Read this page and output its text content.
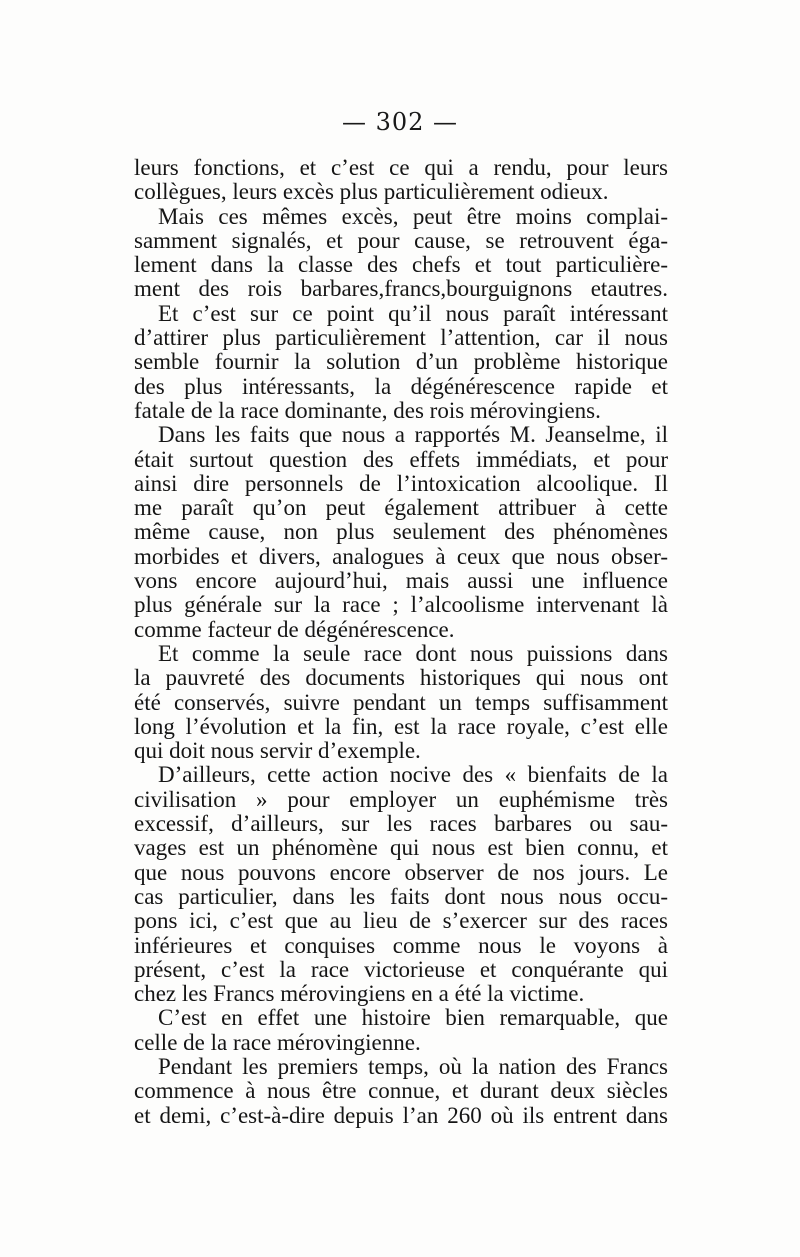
— 302 —
leurs fonctions, et c’est ce qui a rendu, pour leurs
collègues, leurs excès plus particulièrement odieux.
Mais ces mêmes excès, peut être moins complai-
samment signalés, et pour cause, se retrouvent éga-
lement dans la classe des chefs et tout particulière-
ment des rois barbares,francs,bourguignons etautres.
Et c’est sur ce point qu’il nous paraît intéressant
d’attirer plus particulièrement l’attention, car il nous
semble fournir la solution d’un problème historique
des plus intéressants, la dégénérescence rapide et
fatale de la race dominante, des rois mérovingiens.
Dans les faits que nous a rapportés M. Jeanselme, il
était surtout question des effets immédiats, et pour
ainsi dire personnels de l’intoxication alcoolique. Il
me paraît qu’on peut également attribuer à cette
même cause, non plus seulement des phénomènes
morbides et divers, analogues à ceux que nous obser-
vons encore aujourd’hui, mais aussi une influence
plus générale sur la race ; l’alcoolisme intervenant là
comme facteur de dégénérescence.
Et comme la seule race dont nous puissions dans
la pauvreté des documents historiques qui nous ont
été conservés, suivre pendant un temps suffisamment
long l’évolution et la fin, est la race royale, c’est elle
qui doit nous servir d’exemple.
D’ailleurs, cette action nocive des « bienfaits de la
civilisation » pour employer un euphémisme très
excessif, d’ailleurs, sur les races barbares ou sau-
vages est un phénomène qui nous est bien connu, et
que nous pouvons encore observer de nos jours. Le
cas particulier, dans les faits dont nous nous occu-
pons ici, c’est que au lieu de s’exercer sur des races
inférieures et conquises comme nous le voyons à
présent, c’est la race victorieuse et conquérante qui
chez les Francs mérovingiens en a été la victime.
C’est en effet une histoire bien remarquable, que
celle de la race mérovingienne.
Pendant les premiers temps, où la nation des Francs
commence à nous être connue, et durant deux siècles
et demi, c’est-à-dire depuis l’an 260 où ils entrent dans
